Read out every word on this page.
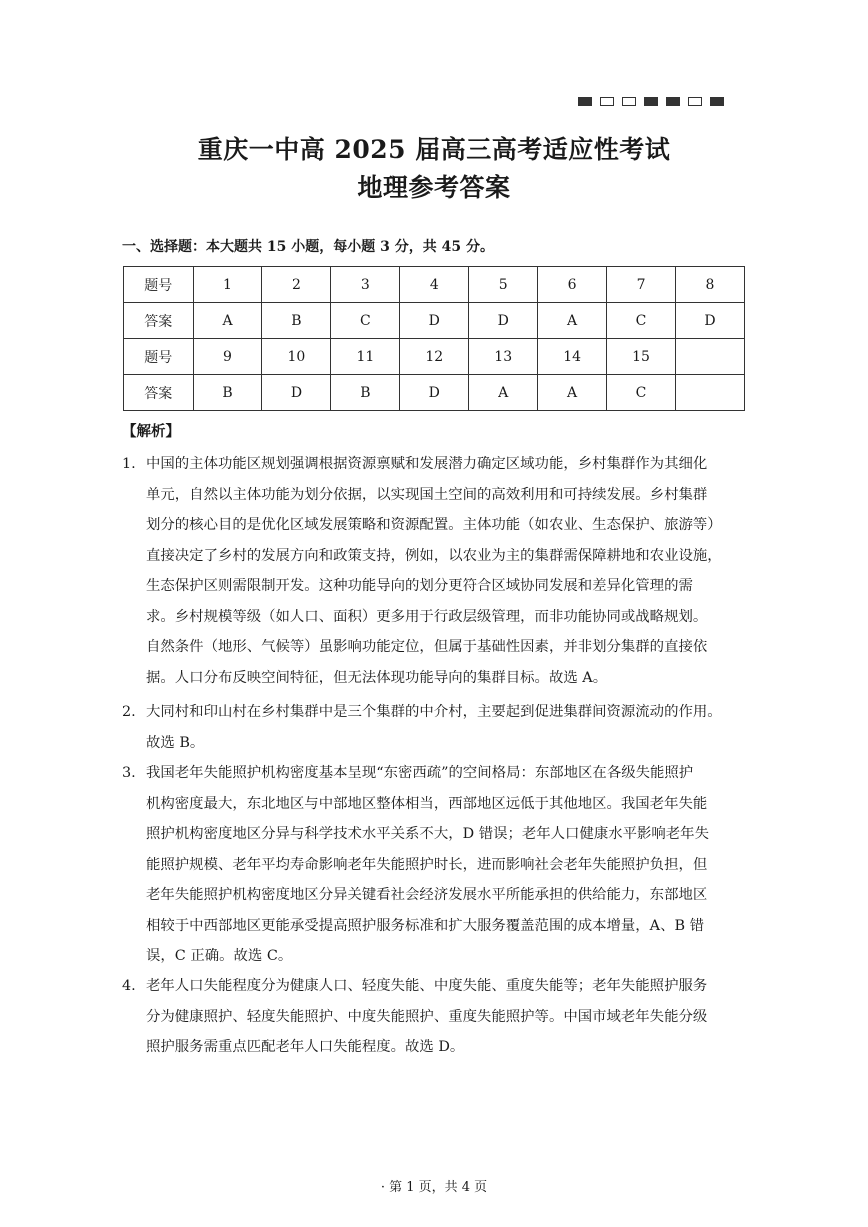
重庆一中高 2025 届高三高考适应性考试
地理参考答案

一、选择题：本大题共 15 小题，每小题 3 分，共 45 分。

题号	1	2	3	4	5	6	7	8
答案	A	B	C	D	D	A	C	D
题号	9	10	11	12	13	14	15	
答案	B	D	B	D	A	A	C	

【解析】

1. 中国的主体功能区规划强调根据资源禀赋和发展潜力确定区域功能，乡村集群作为其细化
单元，自然以主体功能为划分依据，以实现国土空间的高效利用和可持续发展。乡村集群
划分的核心目的是优化区域发展策略和资源配置。主体功能（如农业、生态保护、旅游等）
直接决定了乡村的发展方向和政策支持，例如，以农业为主的集群需保障耕地和农业设施，
生态保护区则需限制开发。这种功能导向的划分更符合区域协同发展和差异化管理的需
求。乡村规模等级（如人口、面积）更多用于行政层级管理，而非功能协同或战略规划。
自然条件（地形、气候等）虽影响功能定位，但属于基础性因素，并非划分集群的直接依
据。人口分布反映空间特征，但无法体现功能导向的集群目标。故选 A。
2. 大同村和印山村在乡村集群中是三个集群的中介村，主要起到促进集群间资源流动的作用。
故选 B。
3. 我国老年失能照护机构密度基本呈现“东密西疏”的空间格局：东部地区在各级失能照护
机构密度最大，东北地区与中部地区整体相当，西部地区远低于其他地区。我国老年失能
照护机构密度地区分异与科学技术水平关系不大，D 错误；老年人口健康水平影响老年失
能照护规模、老年平均寿命影响老年失能照护时长，进而影响社会老年失能照护负担，但
老年失能照护机构密度地区分异关键看社会经济发展水平所能承担的供给能力，东部地区
相较于中西部地区更能承受提高照护服务标准和扩大服务覆盖范围的成本增量，A、B 错
误，C 正确。故选 C。
4. 老年人口失能程度分为健康人口、轻度失能、中度失能、重度失能等；老年失能照护服务
分为健康照护、轻度失能照护、中度失能照护、重度失能照护等。中国市域老年失能分级
照护服务需重点匹配老年人口失能程度。故选 D。
· 第 1 页，共 4 页
